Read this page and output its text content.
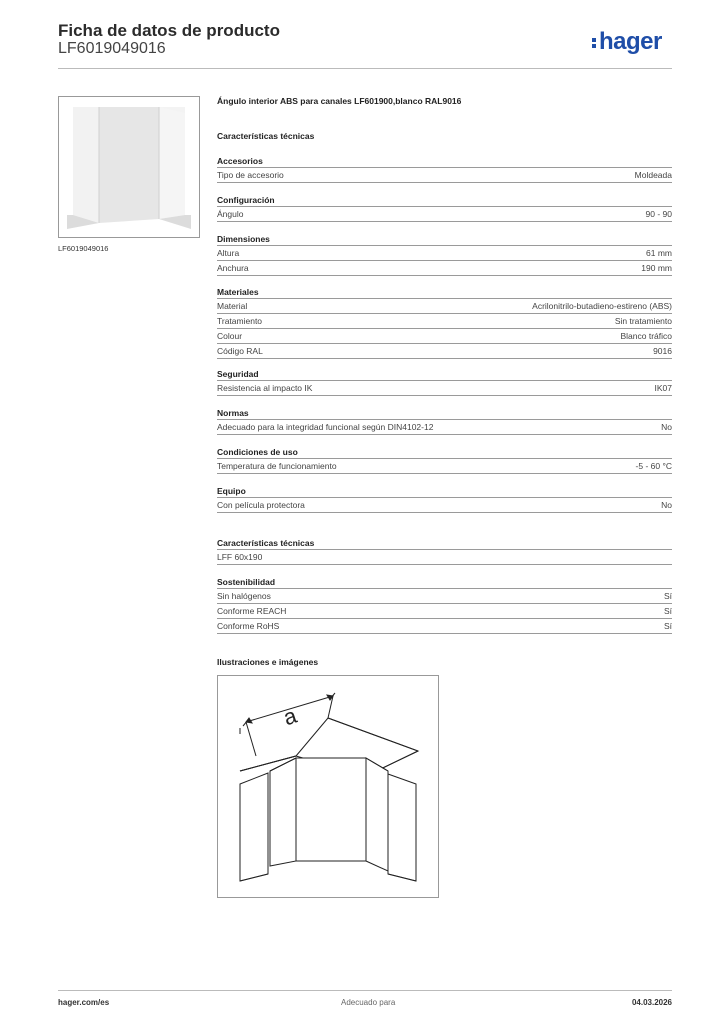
Ficha de datos de producto
LF6019049016	hager
LF6019049016
Ángulo interior ABS para canales LF601900,blanco RAL9016
Características técnicas
Accesorios
Tipo de accesorio	Moldeada
Configuración
Ángulo	90 - 90
Dimensiones
Altura	61 mm
Anchura	190 mm
Materiales
Material	Acrilonitrilo-butadieno-estireno (ABS)
Tratamiento	Sin tratamiento
Colour	Blanco tráfico
Código RAL	9016
Seguridad
Resistencia al impacto IK	IK07
Normas
Adecuado para la integridad funcional según DIN4102-12	No
Condiciones de uso
Temperatura de funcionamiento	-5 - 60 °C
Equipo
Con película protectora	No
Características técnicas
LFF 60x190
Sostenibilidad
Sin halógenos	Sí
Conforme REACH	Sí
Conforme RoHS	Sí
Ilustraciones e imágenes
a
hager.com/es	Adecuado para	04.03.2026
